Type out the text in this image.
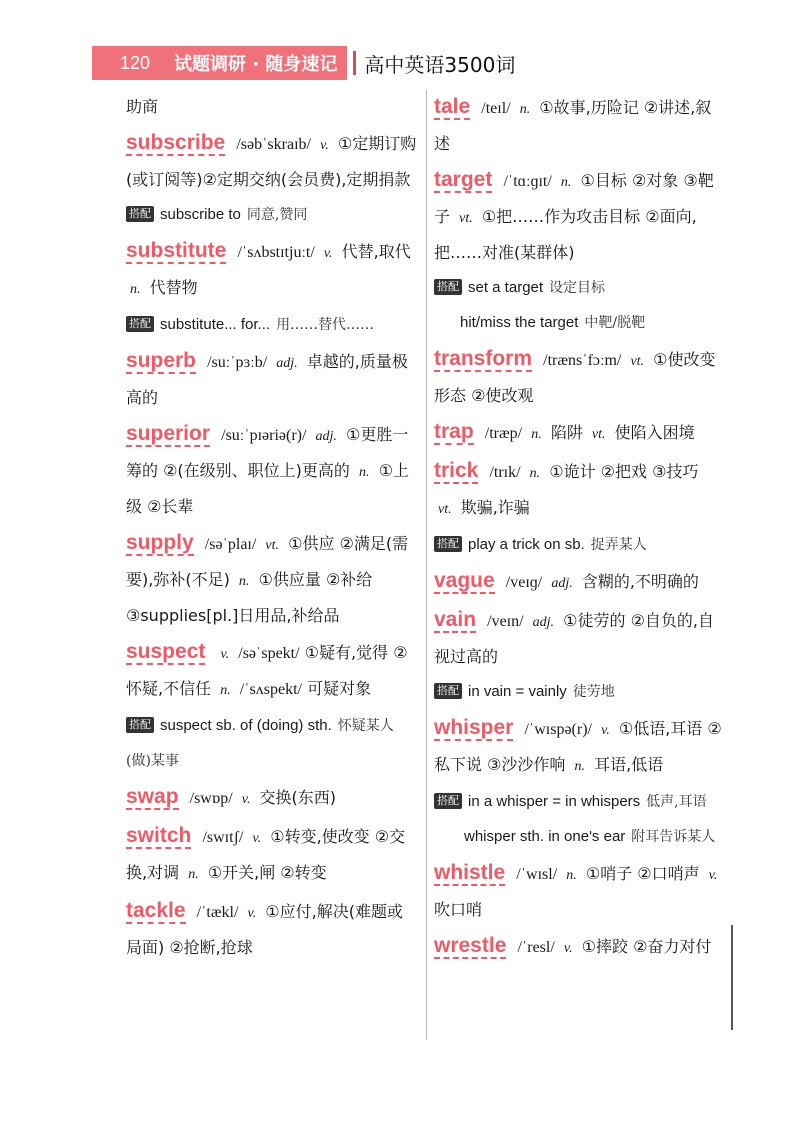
120 试题调研 · 随身速记 高中英语3500词
助商
subscribe /səbˈskraɪb/ v. ①定期订购(或订阅等)②定期交纳(会员费),定期捐款
搭配 subscribe to 同意,赞同
substitute /ˈsʌbstɪtjuːt/ v. 代替,取代 n. 代替物
搭配 substitute... for... 用……替代……
superb /suːˈpɜːb/ adj. 卓越的,质量极高的
superior /suːˈpɪəriə(r)/ adj. ①更胜一筹的 ②(在级别、职位上)更高的 n. ①上级 ②长辈
supply /səˈplaɪ/ vt. ①供应 ②满足(需要),弥补(不足) n. ①供应量 ②补给 ③supplies[pl.]日用品,补给品
suspect v. /səˈspekt/ ①疑有,觉得 ②怀疑,不信任 n. /ˈsʌspekt/ 可疑对象
搭配 suspect sb. of (doing) sth. 怀疑某人(做)某事
swap /swɒp/ v. 交换(东西)
switch /swɪtʃ/ v. ①转变,使改变 ②交换,对调 n. ①开关,闸 ②转变
tackle /ˈtækl/ v. ①应付,解决(难题或局面) ②抢断,抢球
tale /teɪl/ n. ①故事,历险记 ②讲述,叙述
target /ˈtɑːɡɪt/ n. ①目标 ②对象 ③靶子 vt. ①把……作为攻击目标 ②面向,把……对准(某群体)
搭配 set a target 设定目标
hit/miss the target 中靶/脱靶
transform /trænsˈfɔːm/ vt. ①使改变形态 ②使改观
trap /træp/ n. 陷阱 vt. 使陷入困境
trick /trɪk/ n. ①诡计 ②把戏 ③技巧 vt. 欺骗,诈骗
搭配 play a trick on sb. 捉弄某人
vague /veɪɡ/ adj. 含糊的,不明确的
vain /veɪn/ adj. ①徒劳的 ②自负的,自视过高的
搭配 in vain = vainly 徒劳地
whisper /ˈwɪspə(r)/ v. ①低语,耳语 ②私下说 ③沙沙作响 n. 耳语,低语
搭配 in a whisper = in whispers 低声,耳语
whisper sth. in one's ear 附耳告诉某人
whistle /ˈwɪsl/ n. ①哨子 ②口哨声 v. 吹口哨
wrestle /ˈresl/ v. ①摔跤 ②奋力对付
